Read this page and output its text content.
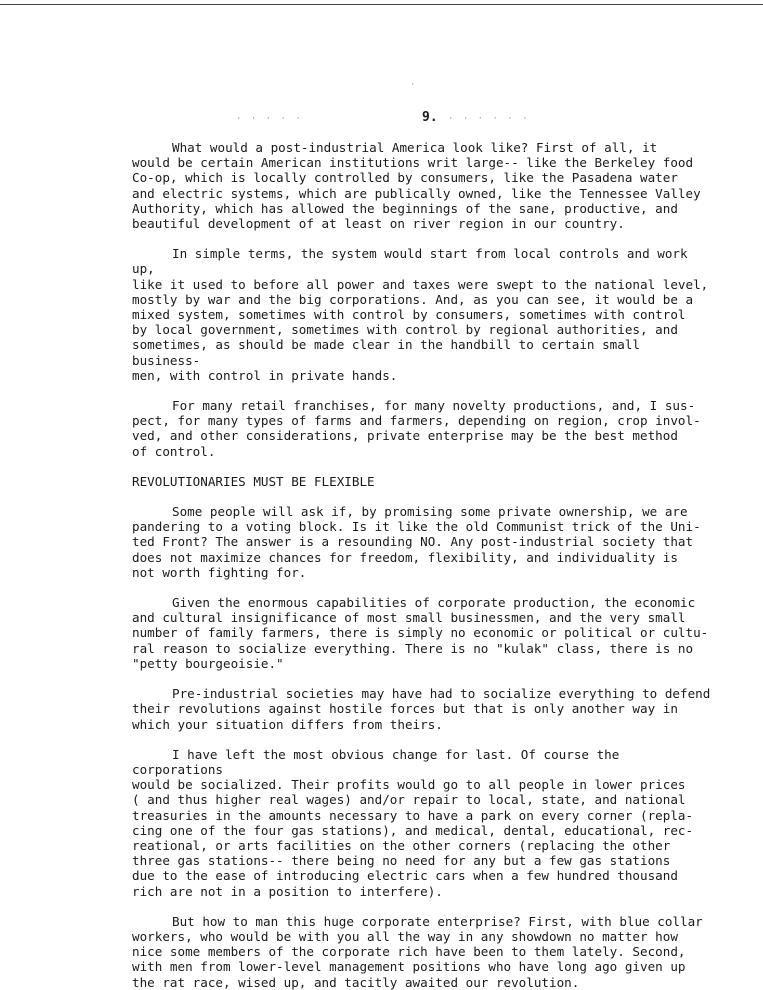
· · · · ·	· · · · · ·
·
9.

What would a post-industrial America look like? First of all, it
would be certain American institutions writ large-- like the Berkeley food
Co-op, which is locally controlled by consumers, like the Pasadena water
and electric systems, which are publically owned, like the Tennessee Valley
Authority, which has allowed the beginnings of the sane, productive, and
beautiful development of at least on river region in our country.

In simple terms, the system would start from local controls and work up,
like it used to before all power and taxes were swept to the national level,
mostly by war and the big corporations. And, as you can see, it would be a
mixed system, sometimes with control by consumers, sometimes with control
by local government, sometimes with control by regional authorities, and
sometimes, as should be made clear in the handbill to certain small business-
men, with control in private hands.

For many retail franchises, for many novelty productions, and, I sus-
pect, for many types of farms and farmers, depending on region, crop invol-
ved, and other considerations, private enterprise may be the best method
of control.

REVOLUTIONARIES MUST BE FLEXIBLE

Some people will ask if, by promising some private ownership, we are
pandering to a voting block. Is it like the old Communist trick of the Uni-
ted Front? The answer is a resounding NO. Any post-industrial society that
does not maximize chances for freedom, flexibility, and individuality is
not worth fighting for.

Given the enormous capabilities of corporate production, the economic
and cultural insignificance of most small businessmen, and the very small
number of family farmers, there is simply no economic or political or cultu-
ral reason to socialize everything. There is no "kulak" class, there is no
"petty bourgeoisie."

Pre-industrial societies may have had to socialize everything to defend
their revolutions against hostile forces but that is only another way in
which your situation differs from theirs.

I have left the most obvious change for last. Of course the corporations
would be socialized. Their profits would go to all people in lower prices
( and thus higher real wages) and/or repair to local, state, and national
treasuries in the amounts necessary to have a park on every corner (repla-
cing one of the four gas stations), and medical, dental, educational, rec-
reational, or arts facilities on the other corners (replacing the other
three gas stations-- there being no need for any but a few gas stations
due to the ease of introducing electric cars when a few hundred thousand
rich are not in a position to interfere).

But how to man this huge corporate enterprise? First, with blue collar
workers, who would be with you all the way in any showdown no matter how
nice some members of the corporate rich have been to them lately. Second,
with men from lower-level management positions who have long ago given up
the rat race, wised up, and tacitly awaited our revolution.
